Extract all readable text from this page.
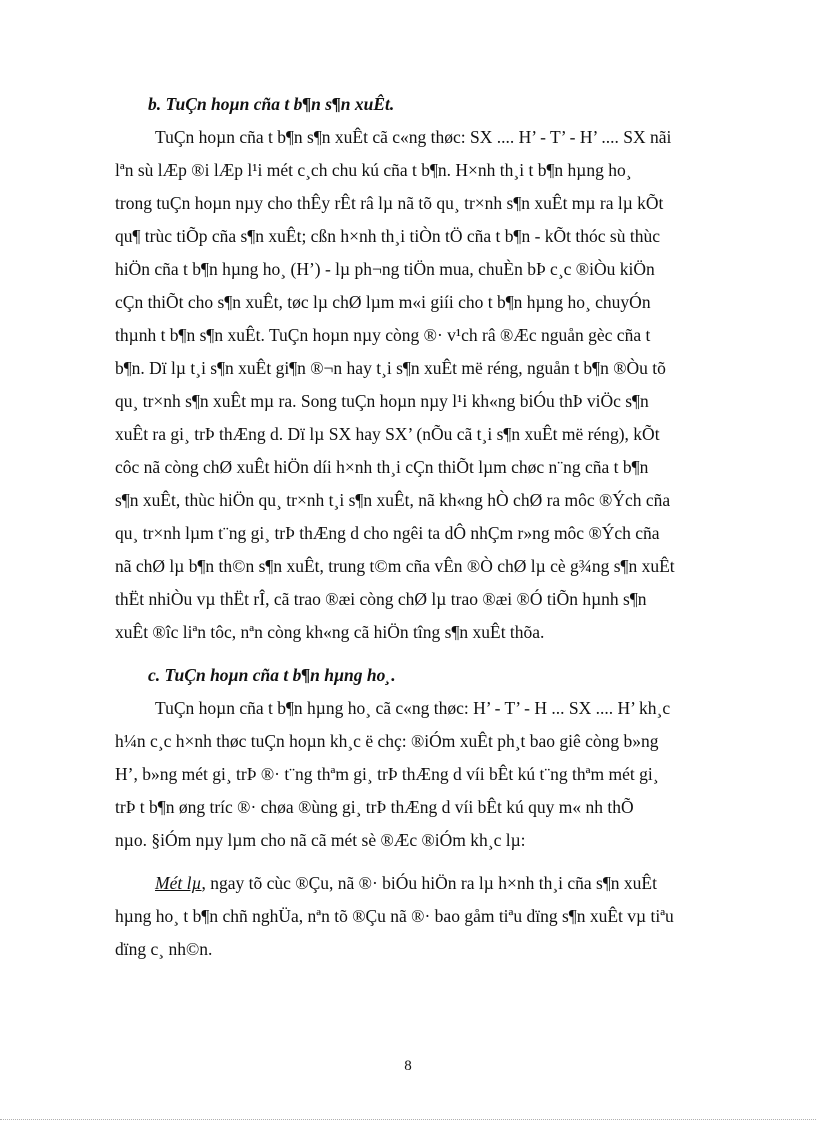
b. TuÇn hoµn cña t b¶n s¶n xuÊt.
TuÇn hoµn cña t b¶n s¶n xuÊt cã c«ng thøc: SX .... H’ - T’ - H’ .... SX nãi
lªn sù lÆp ®i lÆp l¹i mét c¸ch chu kú cña t b¶n. H×nh th¸i t b¶n hµng ho¸
trong tuÇn hoµn nµy cho thÊy rÊt râ lµ nã tõ qu¸ tr×nh s¶n xuÊt mµ ra lµ kÕt
qu¶ trùc tiÕp cña s¶n xuÊt; cßn h×nh th¸i tiÒn tÖ cña t b¶n - kÕt thóc sù thùc
hiÖn cña t b¶n hµng ho¸ (H’) - lµ ph¬ng tiÖn mua, chuÈn bÞ c¸c ®iÒu kiÖn
cÇn thiÕt cho s¶n xuÊt, tøc lµ chØ lµm m«i giíi cho t b¶n hµng ho¸ chuyÓn
thµnh t b¶n s¶n xuÊt. TuÇn hoµn nµy còng ®· v¹ch râ ®Æc nguån gèc cña t
b¶n. Dï lµ t¸i s¶n xuÊt gi¶n ®¬n hay t¸i s¶n xuÊt më réng, nguån t b¶n ®Òu tõ
qu¸ tr×nh s¶n xuÊt mµ ra. Song tuÇn hoµn nµy l¹i kh«ng biÓu thÞ viÖc s¶n
xuÊt ra gi¸ trÞ thÆng d. Dï lµ SX hay SX’ (nÕu cã t¸i s¶n xuÊt më réng), kÕt
côc nã còng chØ xuÊt hiÖn díi h×nh th¸i cÇn thiÕt lµm chøc n¨ng cña t b¶n
s¶n xuÊt, thùc hiÖn qu¸ tr×nh t¸i s¶n xuÊt, nã kh«ng hÒ chØ ra môc ®Ých cña
qu¸ tr×nh lµm t¨ng gi¸ trÞ thÆng d cho ngêi ta dÔ nhÇm r»ng môc ®Ých cña
nã chØ lµ b¶n th©n s¶n xuÊt, trung t©m cña vÊn ®Ò chØ lµ cè g¾ng s¶n xuÊt
thËt nhiÒu vµ thËt rÎ, cã trao ®æi còng chØ lµ trao ®æi ®Ó tiÕn hµnh s¶n
xuÊt ®îc liªn tôc, nªn còng kh«ng cã hiÖn tîng s¶n xuÊt thõa.
c. TuÇn hoµn cña t b¶n hµng ho¸.
TuÇn hoµn cña t b¶n hµng ho¸ cã c«ng thøc: H’ - T’ - H ... SX .... H’ kh¸c
h¼n c¸c h×nh thøc tuÇn hoµn kh¸c ë chç: ®iÓm xuÊt ph¸t bao giê còng b»ng
H’, b»ng mét gi¸ trÞ ®· t¨ng thªm gi¸ trÞ thÆng d víi bÊt kú t¨ng thªm mét gi¸
trÞ t b¶n øng tríc ®· chøa ®ùng gi¸ trÞ thÆng d víi bÊt kú quy m« nh thÕ
nµo. §iÓm nµy lµm cho nã cã mét sè ®Æc ®iÓm kh¸c lµ:
Mét lµ, ngay tõ cùc ®Çu, nã ®· biÓu hiÖn ra lµ h×nh th¸i cña s¶n xuÊt
hµng ho¸ t b¶n chñ nghÜa, nªn tõ ®Çu nã ®· bao gåm tiªu dïng s¶n xuÊt vµ tiªu
dïng c¸ nh©n.
8
